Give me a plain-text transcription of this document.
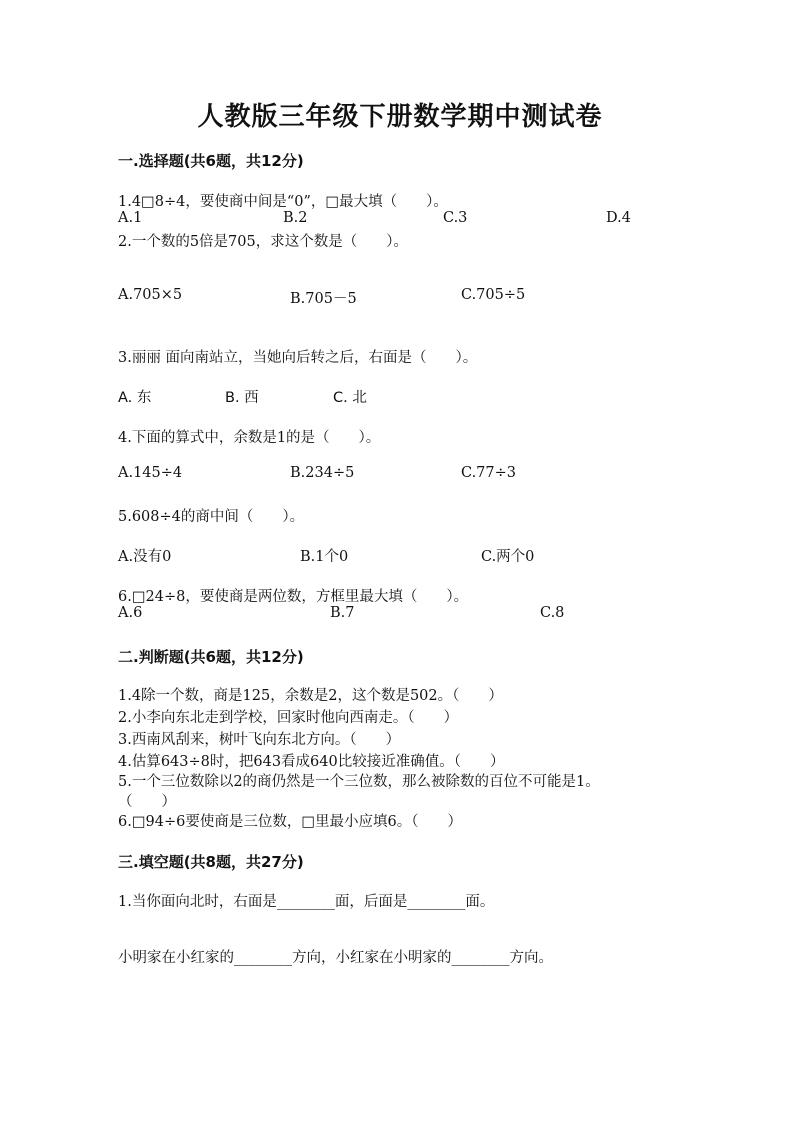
人教版三年级下册数学期中测试卷
一.选择题(共6题，共12分)
1.4□8÷4，要使商中间是“0”，□最大填（　　）。
A.1	B.2	C.3	D.4
2.一个数的5倍是705，求这个数是（　　）。
A.705×5	B.705－5	C.705÷5
3.丽丽 面向南站立，当她向后转之后，右面是（　　）。
A. 东	B. 西	C. 北
4.下面的算式中，余数是1的是（　　）。
A.145÷4	B.234÷5	C.77÷3
5.608÷4的商中间（　　）。
A.没有0	B.1个0	C.两个0
6.□24÷8，要使商是两位数，方框里最大填（　　）。
A.6	B.7	C.8
二.判断题(共6题，共12分)
1.4除一个数，商是125，余数是2，这个数是502。（　　）
2.小李向东北走到学校，回家时他向西南走。（　　）
3.西南风刮来，树叶飞向东北方向。（　　）
4.估算643÷8时，把643看成640比较接近准确值。（　　）
5.一个三位数除以2的商仍然是一个三位数，那么被除数的百位不可能是1。
（　　）
6.□94÷6要使商是三位数，□里最小应填6。（　　）
三.填空题(共8题，共27分)
1.当你面向北时，右面是________面，后面是________面。
小明家在小红家的________方向，小红家在小明家的________方向。
